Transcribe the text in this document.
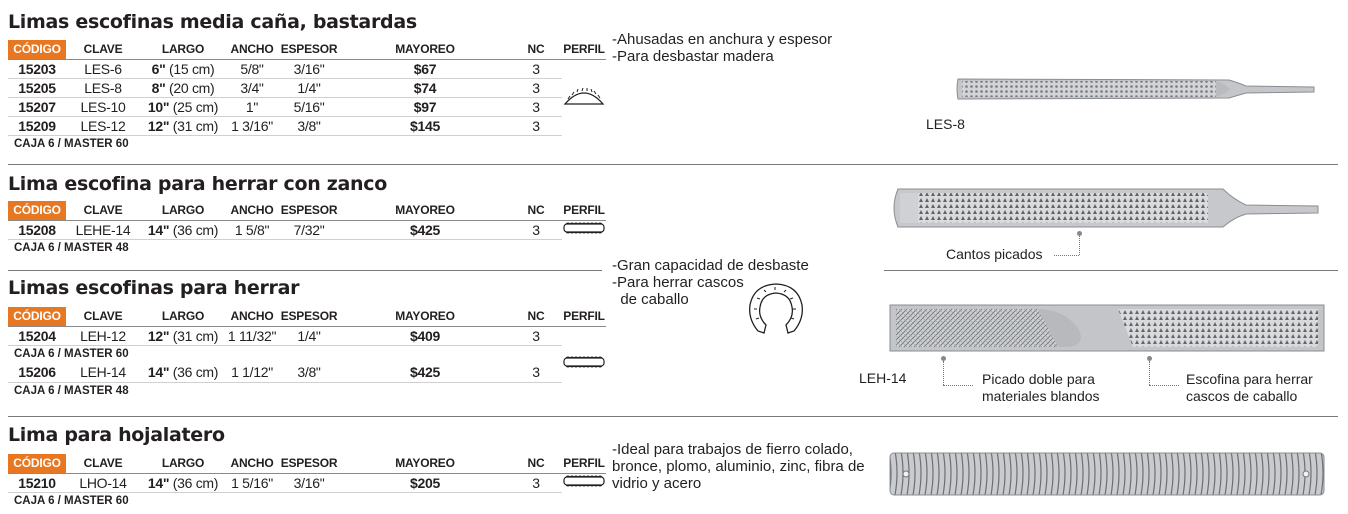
Limas escofinas media caña, bastardas
CÓDIGO	CLAVE	LARGO	ANCHO	ESPESOR	MAYOREO	NC	PERFIL
15203	LES-6	6" (15 cm)	5/8"	3/16"	$67	3	
15205	LES-8	8" (20 cm)	3/4"	1/4"	$74	3	
15207	LES-10	10" (25 cm)	1"	5/16"	$97	3	
15209	LES-12	12" (31 cm)	1 3/16"	3/8"	$145	3	
CAJA 6 / MASTER 60							
-Ahusadas en anchura y espesor
-Para desbastar madera
LES-8
Lima escofina para herrar con zanco
CÓDIGO	CLAVE	LARGO	ANCHO	ESPESOR	MAYOREO	NC	PERFIL
15208	LEHE-14	14" (36 cm)	1 5/8"	7/32"	$425	3	
CAJA 6 / MASTER 48								Cantos picados
Limas escofinas para herrar
CÓDIGO	CLAVE	LARGO	ANCHO	ESPESOR	MAYOREO	NC	PERFIL
15204	LEH-12	12" (31 cm)	1 11/32"	1/4"	$409	3	
CAJA 6 / MASTER 60							
15206	LEH-14	14" (36 cm)	1 1/12"	3/8"	$425	3	
CAJA 6 / MASTER 48							
-Gran capacidad de desbaste
-Para herrar cascos
de caballo
LEH-14	Picado doble para
materiales blandos
Escofina para herrar
cascos de caballo
Lima para hojalatero
CÓDIGO	CLAVE	LARGO	ANCHO	ESPESOR	MAYOREO	NC	PERFIL
15210	LHO-14	14" (36 cm)	1 5/16"	3/16"	$205	3	
CAJA 6 / MASTER 60							
-Ideal para trabajos de fierro colado,
bronce, plomo, aluminio, zinc, fibra de
vidrio y acero
